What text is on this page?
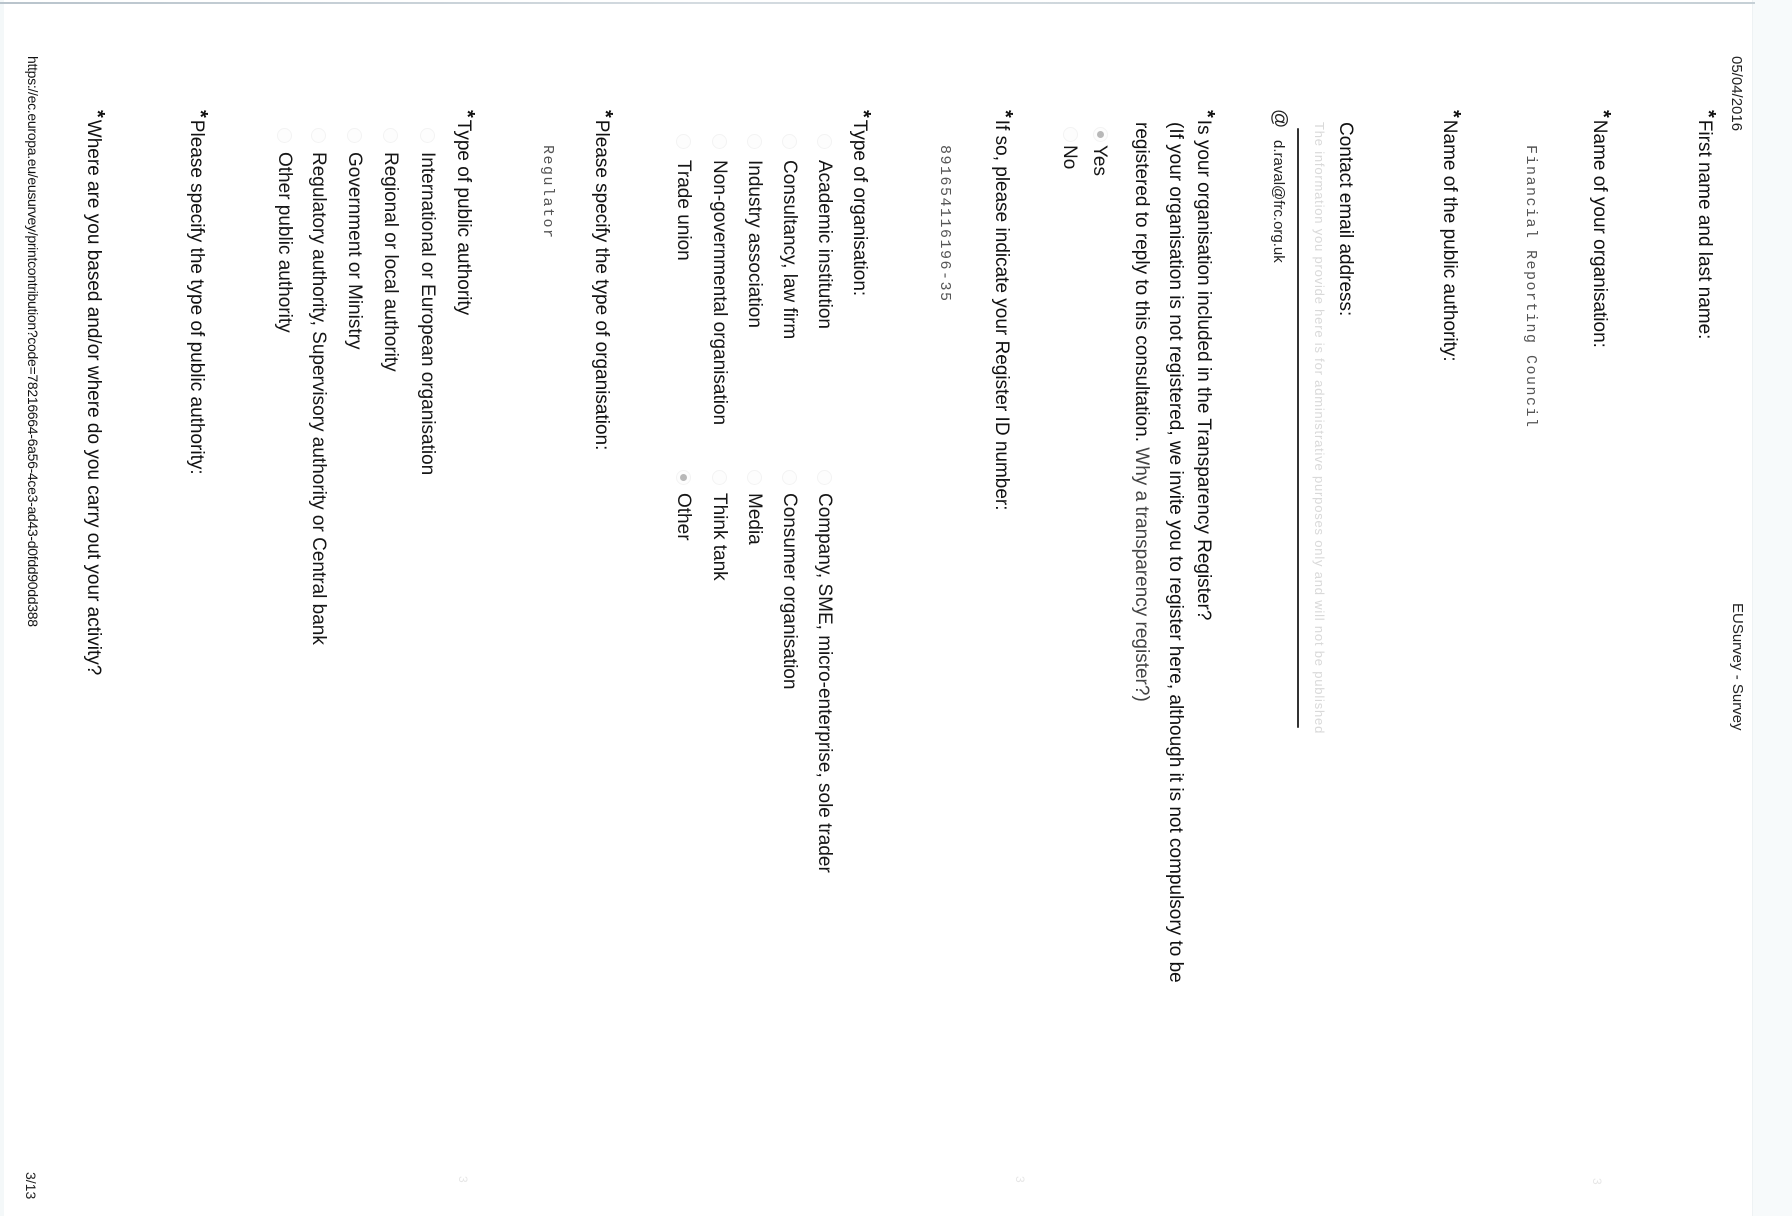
05/04/2016
EUSurvey - Survey
*First name and last name:
*Name of your organisation:
Financial Reporting Council
*Name of the public authority:
Contact email address:
The information you provide here is for administrative purposes only and will not be published
@
d.raval@frc.org.uk
*Is your organisation included in the Transparency Register?
(If your organisation is not registered, we invite you to register here, although it is not compulsory to be
registered to reply to this consultation. Why a transparency register?)
Yes
No
*If so, please indicate your Register ID number:
891654116196-35
*Type of organisation:
Academic institution
Consultancy, law firm
Industry association
Non-governmental organisation
Trade union
Company, SME, micro-enterprise, sole trader
Consumer organisation
Media
Think tank
Other
*Please specify the type of organisation:
Regulator
*Type of public authority
International or European organisation
Regional or local authority
Government or Ministry
Regulatory authority, Supervisory authority or Central bank
Other public authority
*Please specify the type of public authority:
*Where are you based and/or where do you carry out your activity?
https://ec.europa.eu/eusurvey/printcontribution?code=78216664-6a56-4ce3-ad43-d0fdd90dd388
3/13	3
3
3
